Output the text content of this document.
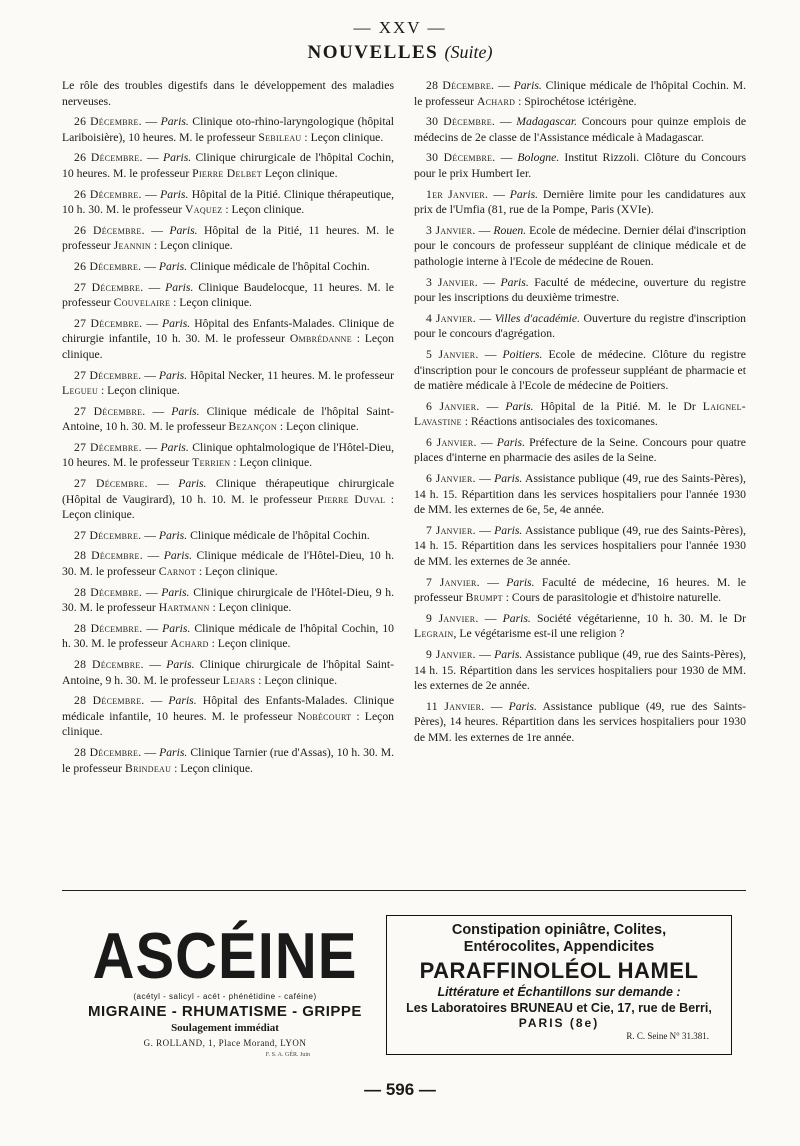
— XXV —
NOUVELLES (Suite)

Le rôle des troubles digestifs dans le développement des maladies nerveuses.

26 Décembre. — Paris. Clinique oto-rhino-laryngologique (hôpital Lariboisière), 10 heures. M. le professeur Sebileau : Leçon clinique.

26 Décembre. — Paris. Clinique chirurgicale de l'hôpital Cochin, 10 heures. M. le professeur Pierre Delbet Leçon clinique.

26 Décembre. — Paris. Hôpital de la Pitié. Clinique thérapeutique, 10 h. 30. M. le professeur Vaquez : Leçon clinique.

26 Décembre. — Paris. Hôpital de la Pitié, 11 heures. M. le professeur Jeannin : Leçon clinique.

26 Décembre. — Paris. Clinique médicale de l'hôpital Cochin.

27 Décembre. — Paris. Clinique Baudelocque, 11 heures. M. le professeur Couvelaire : Leçon clinique.

27 Décembre. — Paris. Hôpital des Enfants-Malades. Clinique de chirurgie infantile, 10 h. 30. M. le professeur Ombrédanne : Leçon clinique.

27 Décembre. — Paris. Hôpital Necker, 11 heures. M. le professeur Legueu : Leçon clinique.

27 Décembre. — Paris. Clinique médicale de l'hôpital Saint-Antoine, 10 h. 30. M. le professeur Bezançon : Leçon clinique.

27 Décembre. — Paris. Clinique ophtalmologique de l'Hôtel-Dieu, 10 heures. M. le professeur Terrien : Leçon clinique.

27 Décembre. — Paris. Clinique thérapeutique chirurgicale (Hôpital de Vaugirard), 10 h. 10. M. le professeur Pierre Duval : Leçon clinique.

27 Décembre. — Paris. Clinique médicale de l'hôpital Cochin.

28 Décembre. — Paris. Clinique médicale de l'Hôtel-Dieu, 10 h. 30. M. le professeur Carnot : Leçon clinique.

28 Décembre. — Paris. Clinique chirurgicale de l'Hôtel-Dieu, 9 h. 30. M. le professeur Hartmann : Leçon clinique.

28 Décembre. — Paris. Clinique médicale de l'hôpital Cochin, 10 h. 30. M. le professeur Achard : Leçon clinique.

28 Décembre. — Paris. Clinique chirurgicale de l'hôpital Saint-Antoine, 9 h. 30. M. le professeur Lejars : Leçon clinique.

28 Décembre. — Paris. Hôpital des Enfants-Malades. Clinique médicale infantile, 10 heures. M. le professeur Nobécourt : Leçon clinique.

28 Décembre. — Paris. Clinique Tarnier (rue d'Assas), 10 h. 30. M. le professeur Brindeau : Leçon clinique.

28 Décembre. — Paris. Clinique médicale de l'hôpital Cochin. M. le professeur Achard : Spirochétose ictérigène.

30 Décembre. — Madagascar. Concours pour quinze emplois de médecins de 2e classe de l'Assistance médicale à Madagascar.

30 Décembre. — Bologne. Institut Rizzoli. Clôture du Concours pour le prix Humbert Ier.

1er Janvier. — Paris. Dernière limite pour les candidatures aux prix de l'Umfia (81, rue de la Pompe, Paris (XVIe).

3 Janvier. — Rouen. Ecole de médecine. Dernier délai d'inscription pour le concours de professeur suppléant de clinique médicale et de pathologie interne à l'Ecole de médecine de Rouen.

3 Janvier. — Paris. Faculté de médecine, ouverture du registre pour les inscriptions du deuxième trimestre.

4 Janvier. — Villes d'académie. Ouverture du registre d'inscription pour le concours d'agrégation.

5 Janvier. — Poitiers. Ecole de médecine. Clôture du registre d'inscription pour le concours de professeur suppléant de pharmacie et de matière médicale à l'Ecole de médecine de Poitiers.

6 Janvier. — Paris. Hôpital de la Pitié. M. le Dr Laignel-Lavastine : Réactions antisociales des toxicomanes.

6 Janvier. — Paris. Préfecture de la Seine. Concours pour quatre places d'interne en pharmacie des asiles de la Seine.

6 Janvier. — Paris. Assistance publique (49, rue des Saints-Pères), 14 h. 15. Répartition dans les services hospitaliers pour l'année 1930 de MM. les externes de 6e, 5e, 4e année.

7 Janvier. — Paris. Assistance publique (49, rue des Saints-Pères), 14 h. 15. Répartition dans les services hospitaliers pour l'année 1930 de MM. les externes de 3e année.

7 Janvier. — Paris. Faculté de médecine, 16 heures. M. le professeur Brumpt : Cours de parasitologie et d'histoire naturelle.

9 Janvier. — Paris. Société végétarienne, 10 h. 30. M. le Dr Legrain, Le végétarisme est-il une religion ?

9 Janvier. — Paris. Assistance publique (49, rue des Saints-Pères), 14 h. 15. Répartition dans les services hospitaliers pour 1930 de MM. les externes de 2e année.

11 Janvier. — Paris. Assistance publique (49, rue des Saints-Pères), 14 heures. Répartition dans les services hospitaliers pour 1930 de MM. les externes de 1re année.

ASCÉINE
(acétyl - salicyl - acét - phénétidine - caféine)
MIGRAINE - RHUMATISME - GRIPPE
Soulagement immédiat
G. ROLLAND, 1, Place Morand, LYON
F. S. A. GÉR. Juin
Constipation opiniâtre, Colites,
Entérocolites, Appendicites
PARAFFINOLÉOL HAMEL
Littérature et Échantillons sur demande :
Les Laboratoires BRUNEAU et Cie, 17, rue de Berri,
PARIS (8e)
R. C. Seine N° 31.381.
— 596 —
